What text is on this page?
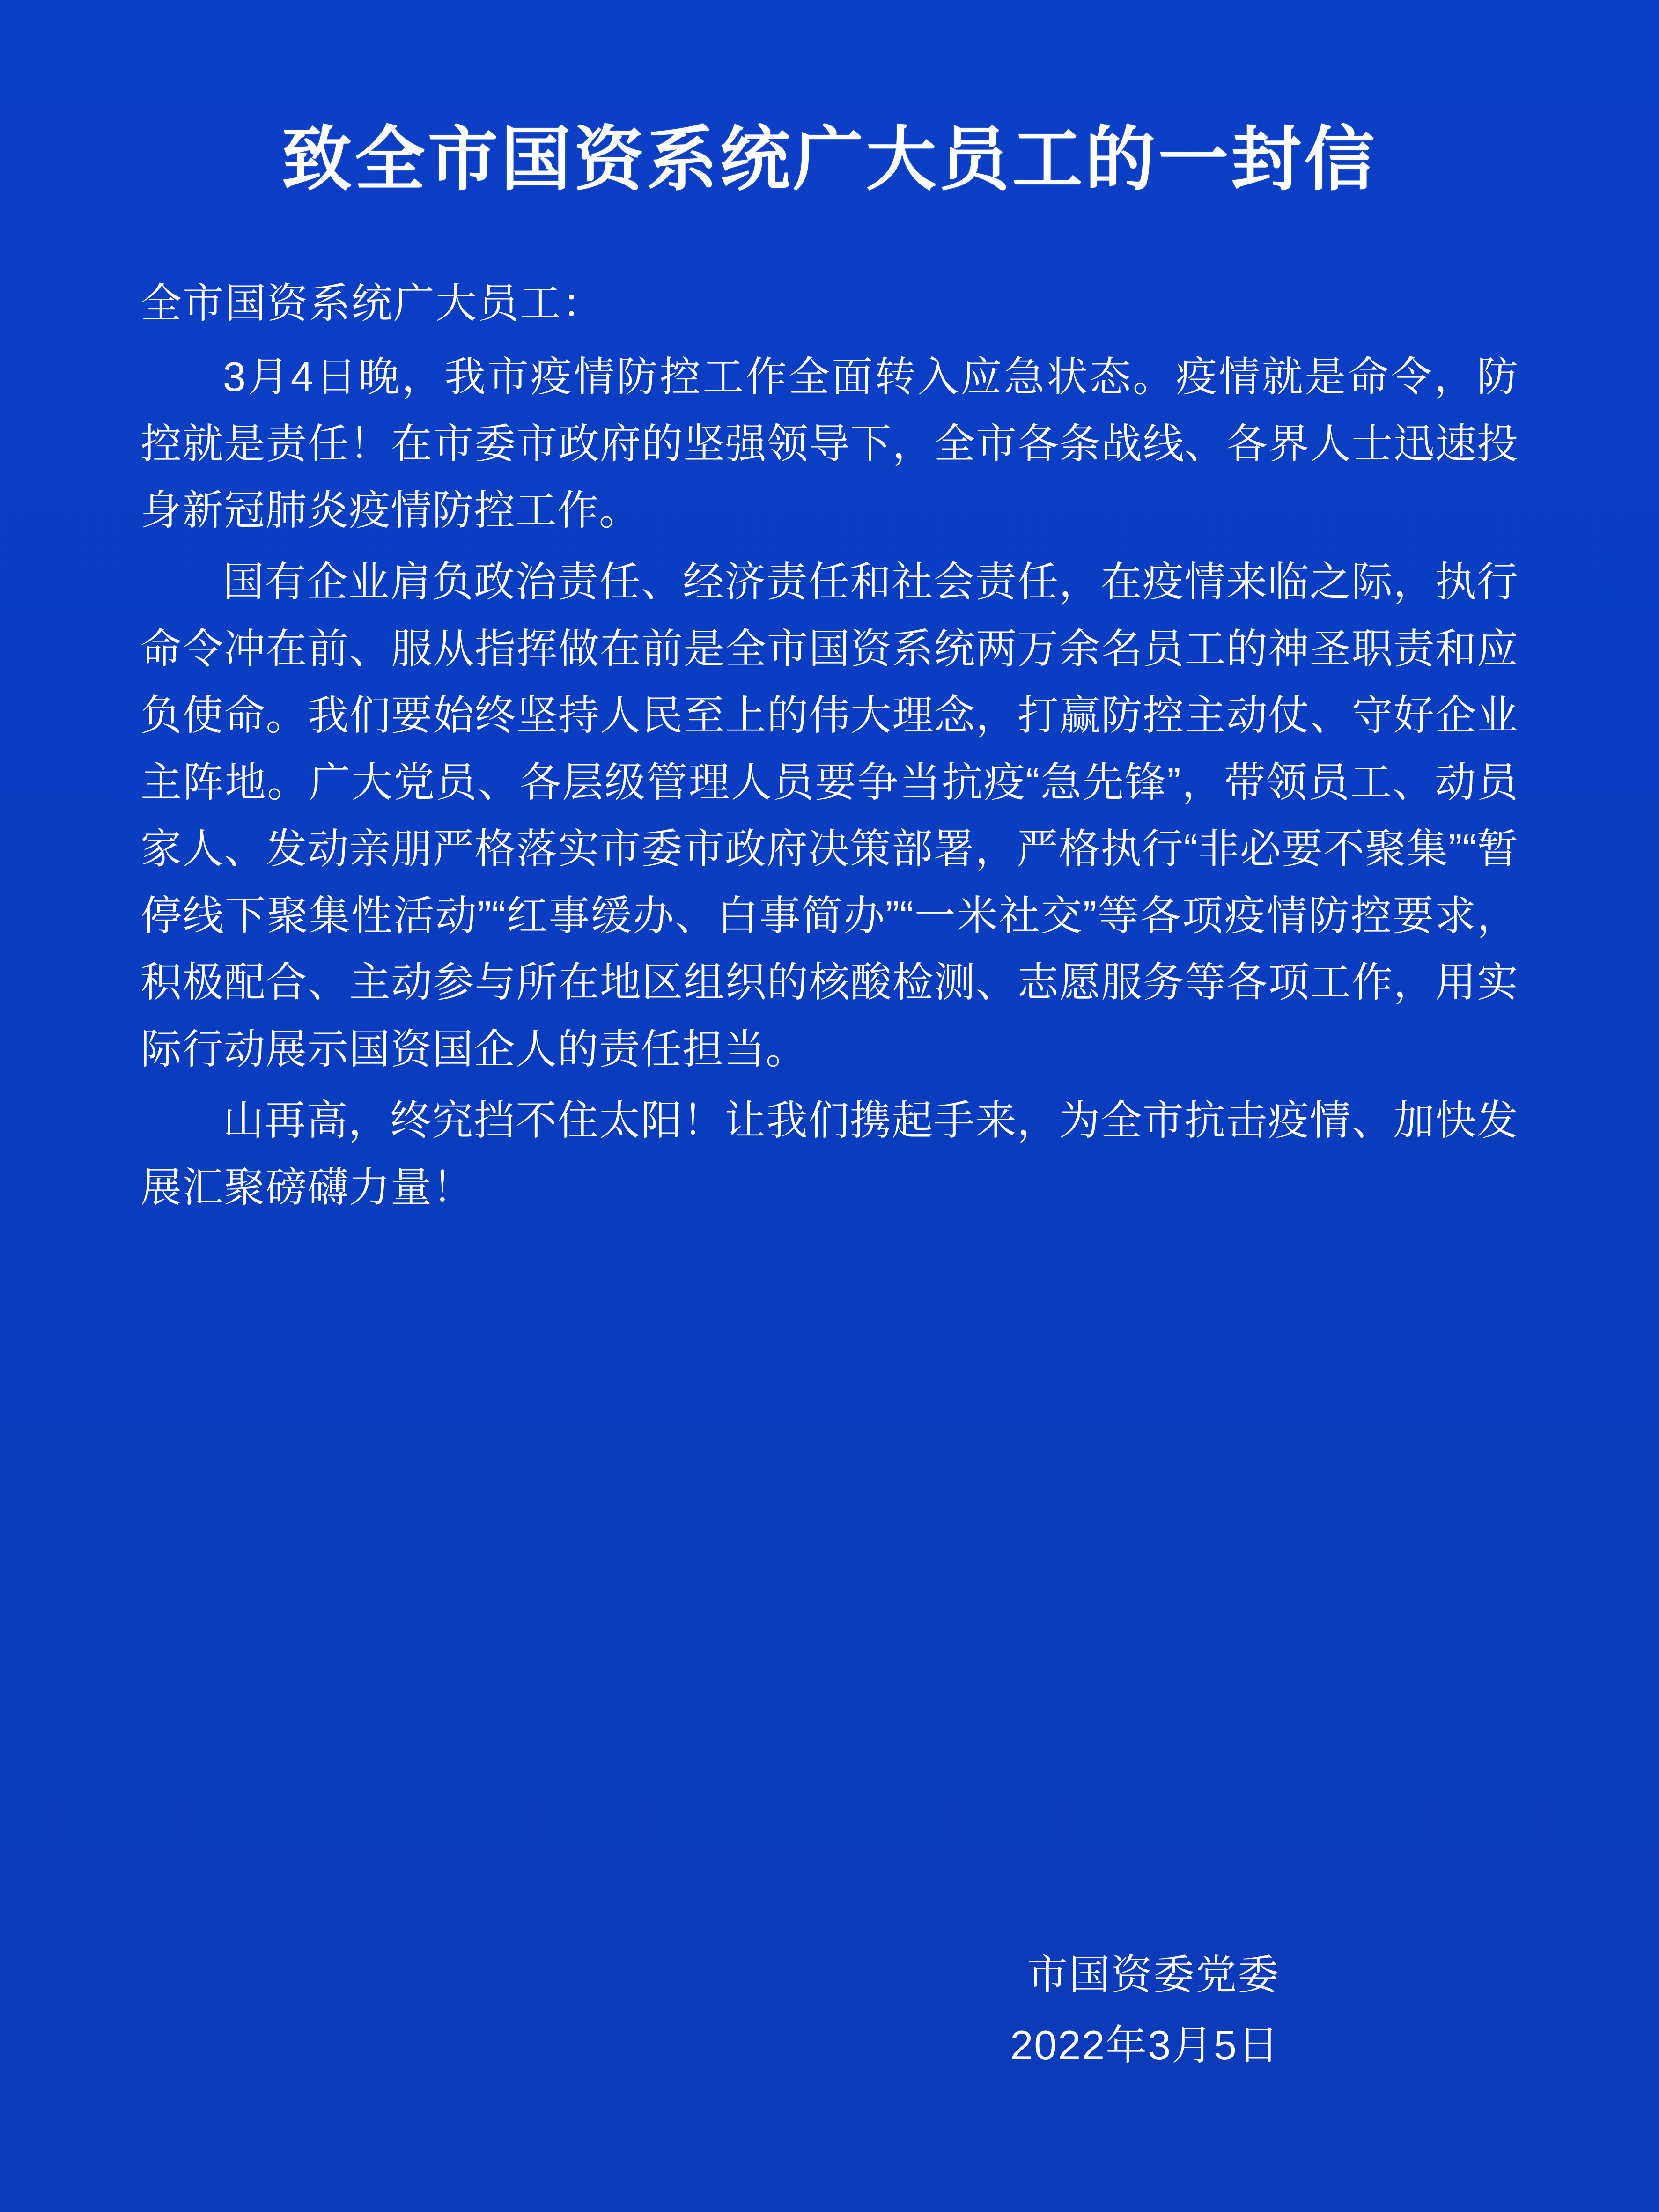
致全市国资系统广大员工的一封信

全市国资系统广大员工：

3月4日晚，我市疫情防控工作全面转入应急状态。疫情就是命令，防控就是责任！在市委市政府的坚强领导下，全市各条战线、各界人士迅速投身新冠肺炎疫情防控工作。

国有企业肩负政治责任、经济责任和社会责任，在疫情来临之际，执行命令冲在前、服从指挥做在前是全市国资系统两万余名员工的神圣职责和应负使命。我们要始终坚持人民至上的伟大理念，打赢防控主动仗、守好企业主阵地。广大党员、各层级管理人员要争当抗疫“急先锋”，带领员工、动员家人、发动亲朋严格落实市委市政府决策部署，严格执行“非必要不聚集”“暂停线下聚集性活动”“红事缓办、白事简办”“一米社交”等各项疫情防控要求，积极配合、主动参与所在地区组织的核酸检测、志愿服务等各项工作，用实际行动展示国资国企人的责任担当。

山再高，终究挡不住太阳！让我们携起手来，为全市抗击疫情、加快发展汇聚磅礴力量！

市国资委党委

2022年3月5日
